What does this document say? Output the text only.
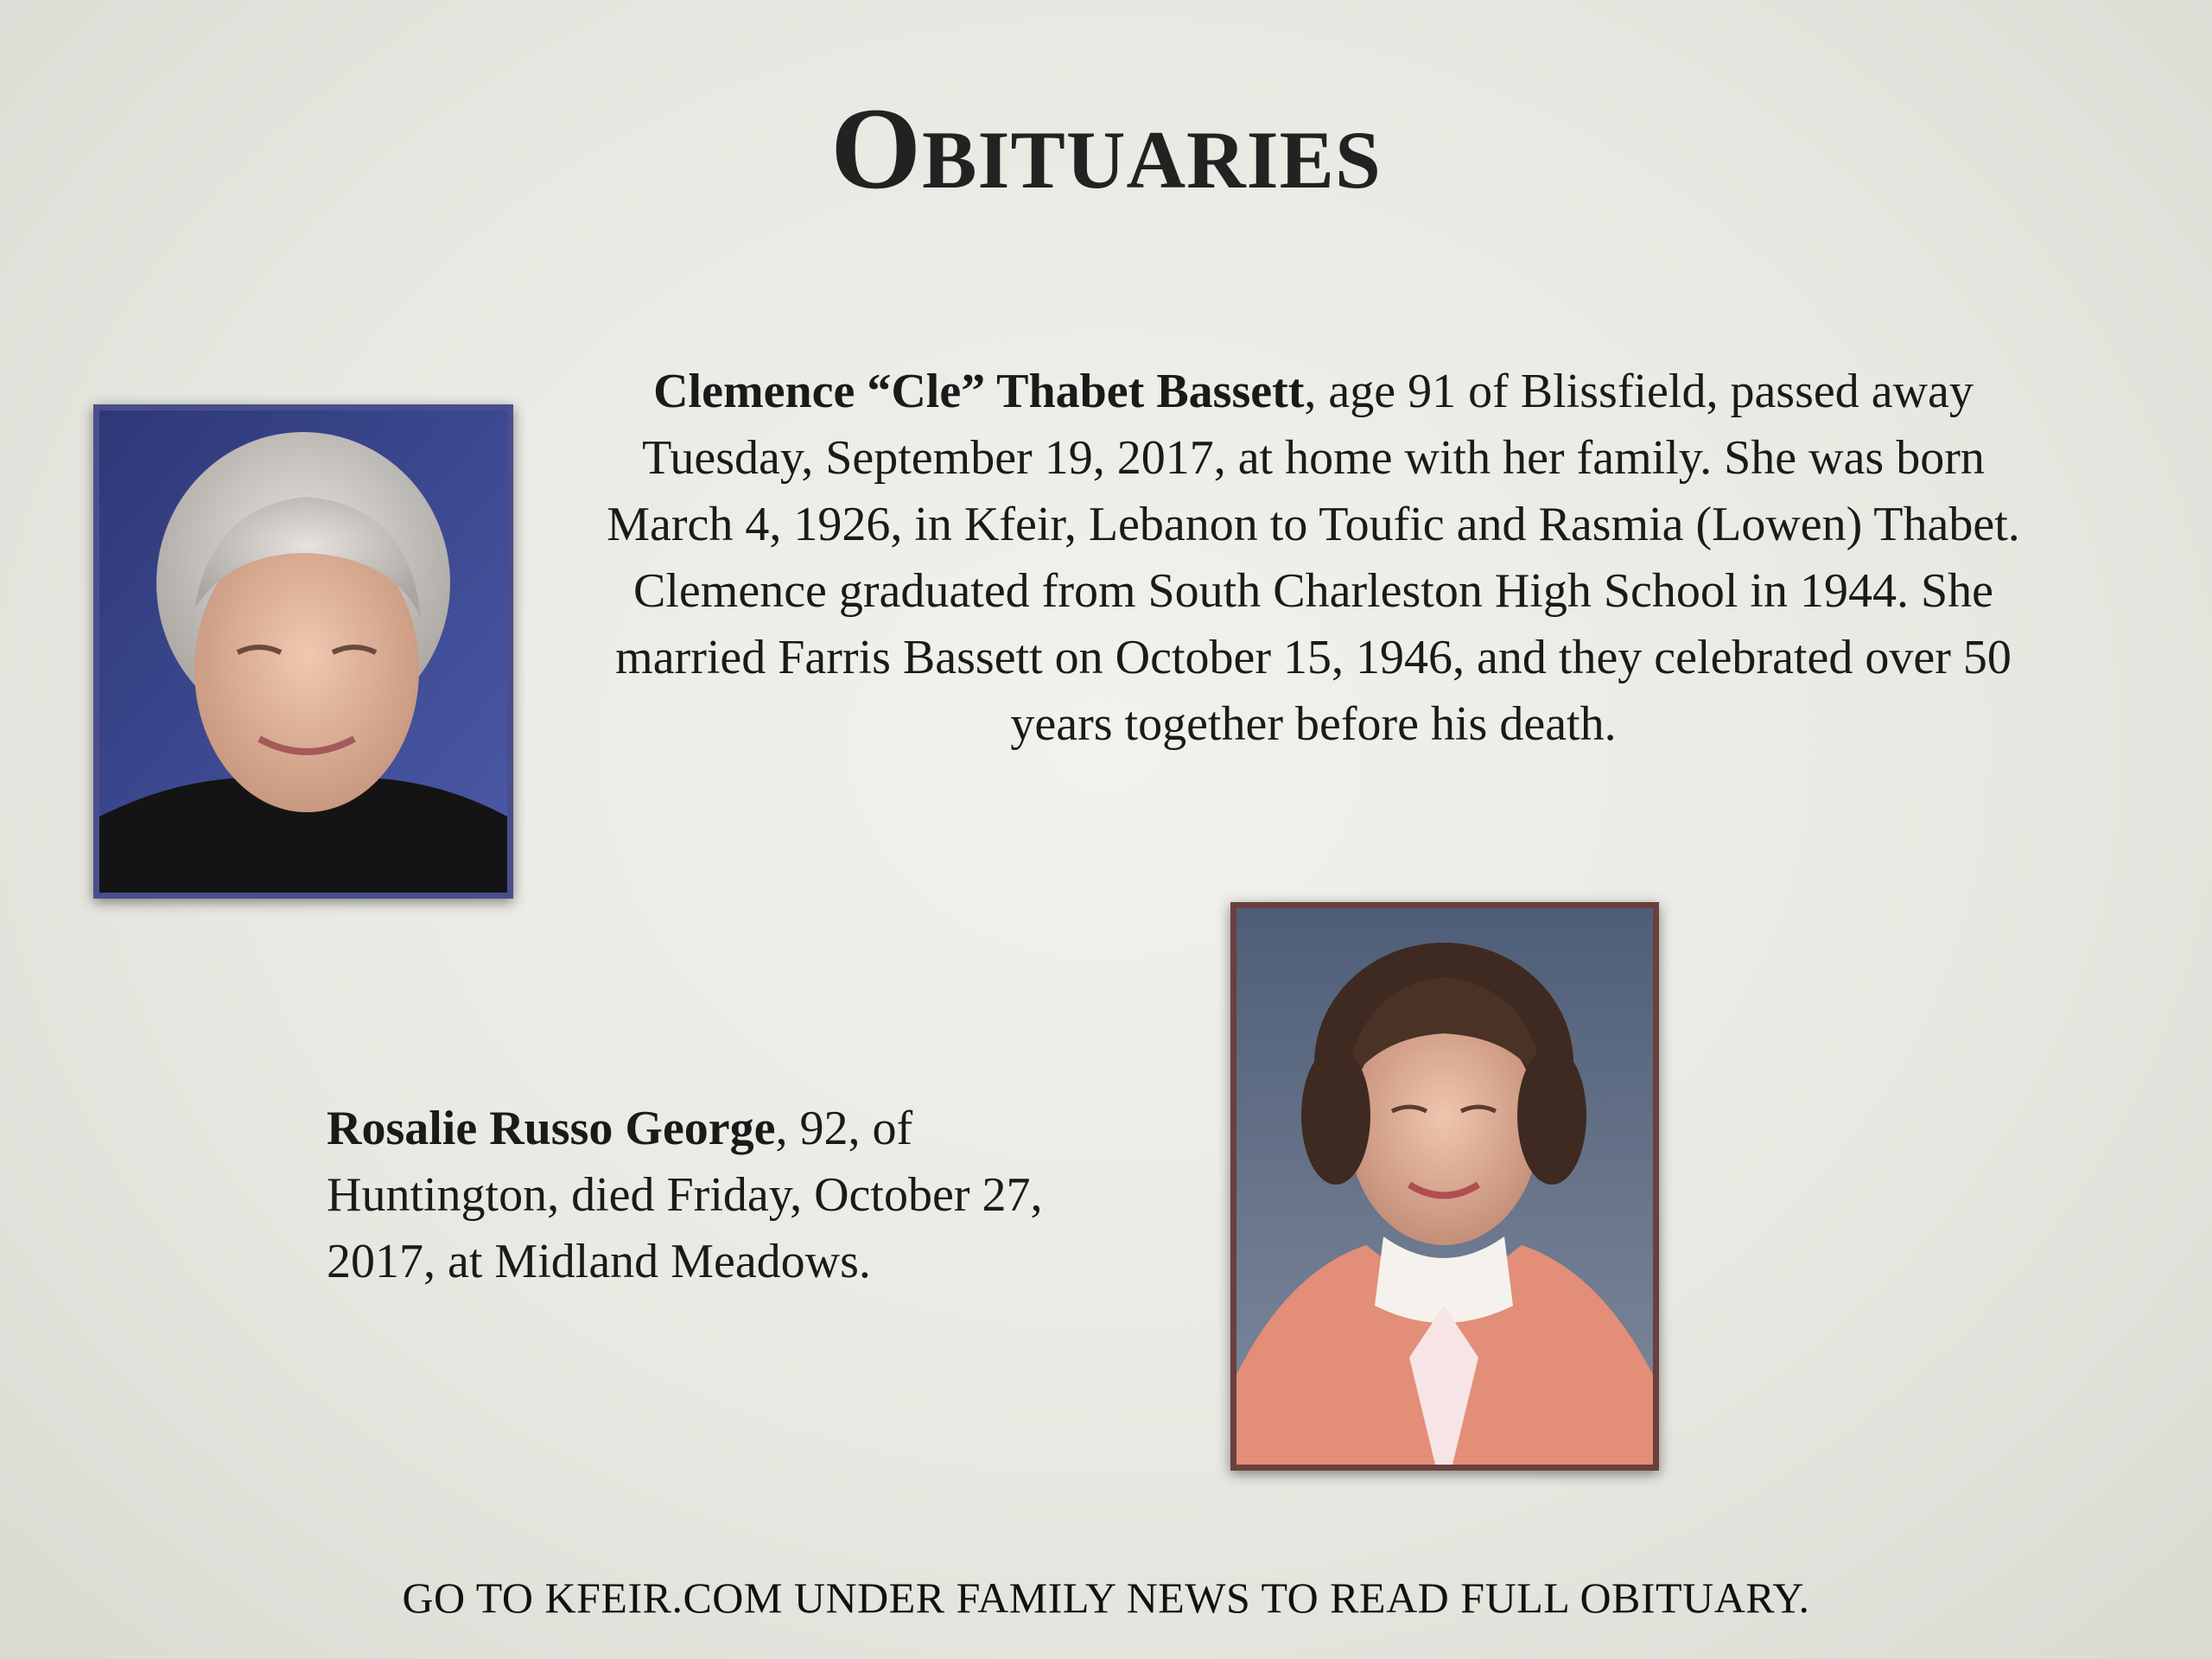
Obituaries
Clemence “Cle” Thabet Bassett, age 91 of Blissfield, passed away Tuesday, September 19, 2017, at home with her family. She was born March 4, 1926, in Kfeir, Lebanon to Toufic and Rasmia (Lowen) Thabet. Clemence graduated from South Charleston High School in 1944. She married Farris Bassett on October 15, 1946, and they celebrated over 50 years together before his death.
Rosalie Russo George, 92, of Huntington, died Friday, October 27, 2017, at Midland Meadows.
GO TO KFEIR.COM UNDER FAMILY NEWS TO READ FULL OBITUARY.
